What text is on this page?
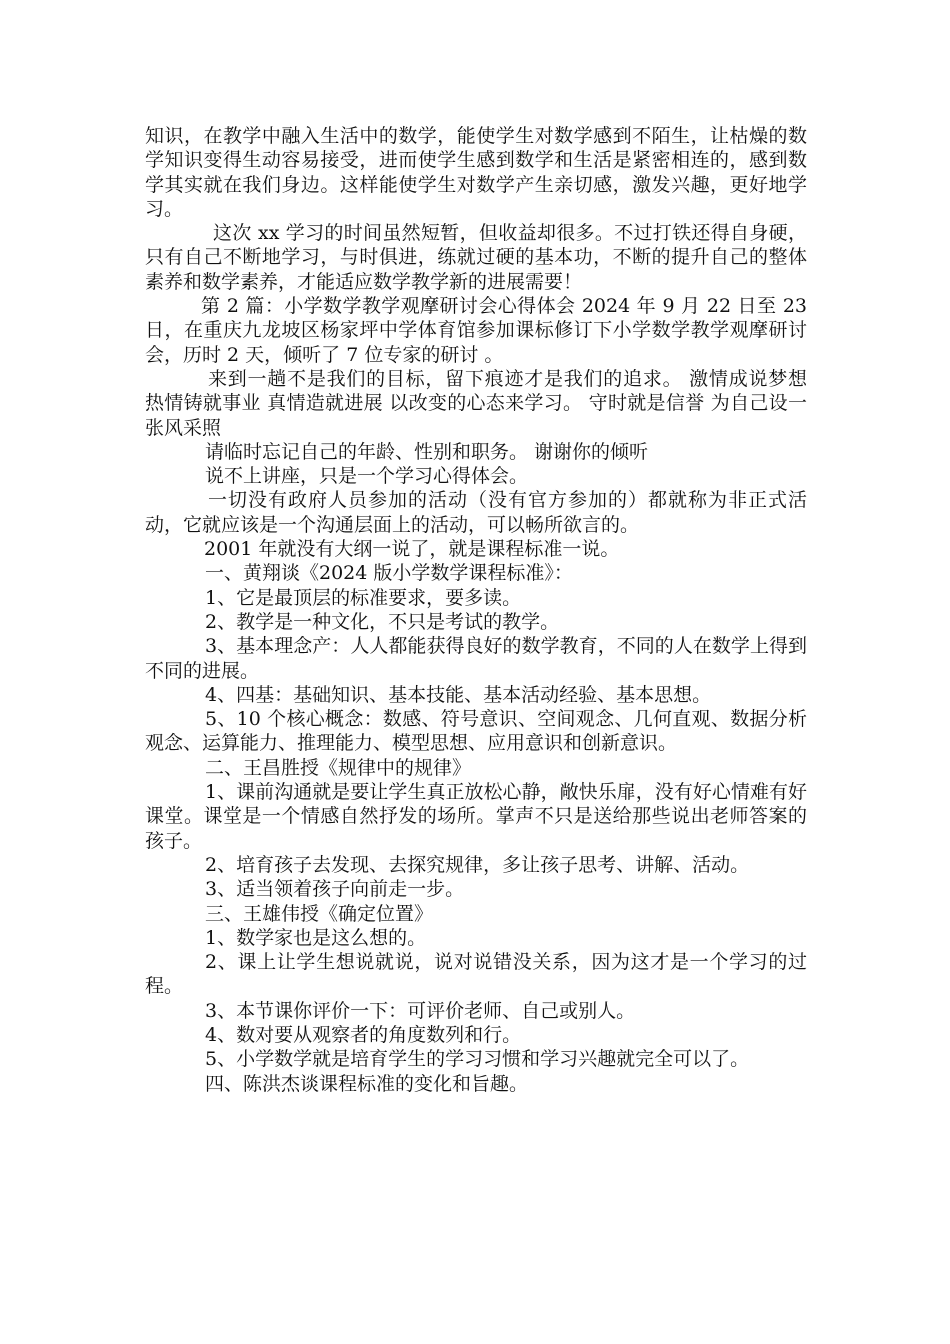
知识，在教学中融入生活中的数学，能使学生对数学感到不陌生，让枯燥的数学知识变得生动容易接受，进而使学生感到数学和生活是紧密相连的，感到数学其实就在我们身边。这样能使学生对数学产生亲切感，激发兴趣，更好地学习。

这次 xx 学习的时间虽然短暂，但收益却很多。不过打铁还得自身硬，只有自己不断地学习，与时俱进，练就过硬的基本功，不断的提升自己的整体素养和数学素养，才能适应数学教学新的进展需要！

第 2 篇：小学数学教学观摩研讨会心得体会 2024 年 9 月 22 日至 23 日，在重庆九龙坡区杨家坪中学体育馆参加课标修订下小学数学教学观摩研讨会，历时 2 天，倾听了 7 位专家的研讨 。

来到一趟不是我们的目标，留下痕迹才是我们的追求。 激情成说梦想 热情铸就事业 真情造就进展 以改变的心态来学习。 守时就是信誉 为自己设一张风采照

请临时忘记自己的年龄、性别和职务。 谢谢你的倾听

说不上讲座，只是一个学习心得体会。

一切没有政府人员参加的活动（没有官方参加的）都就称为非正式活动，它就应该是一个沟通层面上的活动，可以畅所欲言的。

2001 年就没有大纲一说了，就是课程标准一说。

一、黄翔谈《2024 版小学数学课程标准》：

1、它是最顶层的标准要求，要多读。

2、教学是一种文化，不只是考试的教学。

3、基本理念产：人人都能获得良好的数学教育，不同的人在数学上得到不同的进展。

4、四基：基础知识、基本技能、基本活动经验、基本思想。

5、10 个核心概念：数感、符号意识、空间观念、几何直观、数据分析观念、运算能力、推理能力、模型思想、应用意识和创新意识。

二、王昌胜授《规律中的规律》

1、课前沟通就是要让学生真正放松心静，敞快乐扉，没有好心情难有好课堂。课堂是一个情感自然抒发的场所。掌声不只是送给那些说出老师答案的孩子。

2、培育孩子去发现、去探究规律，多让孩子思考、讲解、活动。

3、适当领着孩子向前走一步。

三、王雄伟授《确定位置》

1、数学家也是这么想的。

2、课上让学生想说就说，说对说错没关系，因为这才是一个学习的过程。

3、本节课你评价一下：可评价老师、自己或别人。

4、数对要从观察者的角度数列和行。

5、小学数学就是培育学生的学习习惯和学习兴趣就完全可以了。

四、陈洪杰谈课程标准的变化和旨趣。
